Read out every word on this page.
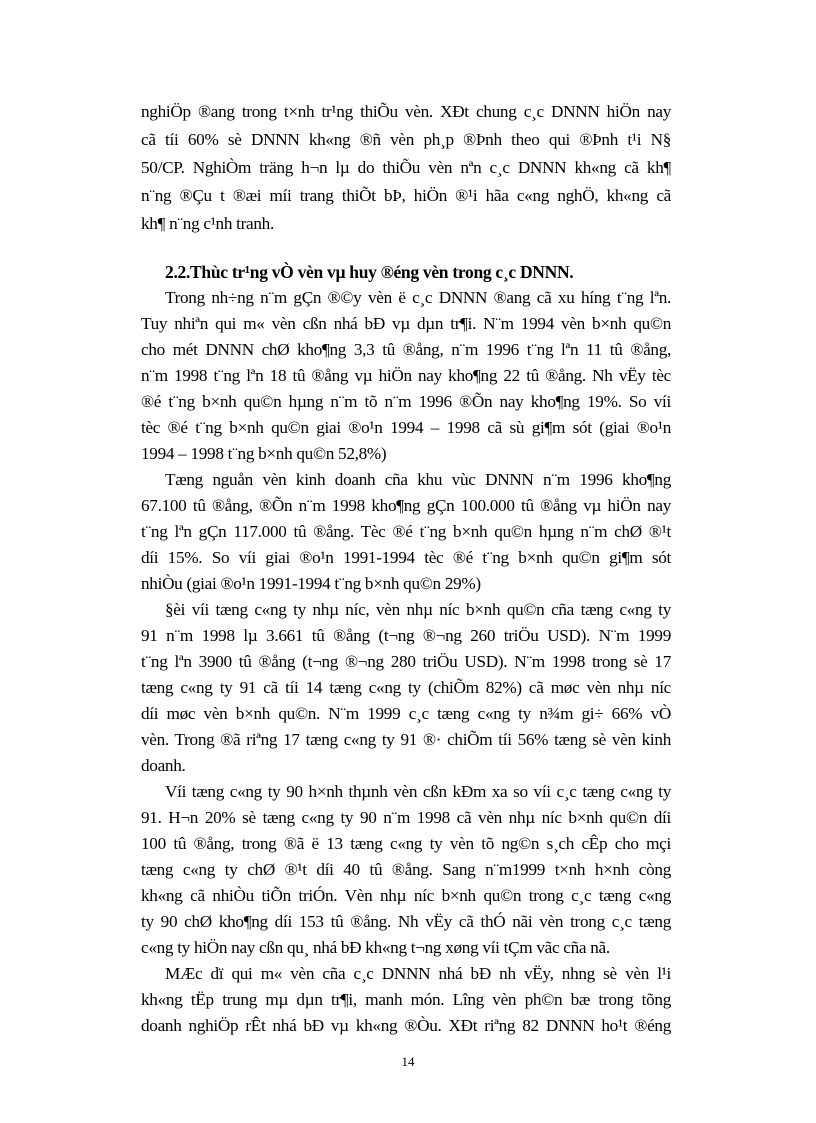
nghiÖp ®ang trong t×nh tr¹ng thiÕu vèn. XÐt chung c¸c DNNN hiÖn nay
cã tíi 60% sè DNNN kh«ng ®ñ vèn ph¸p ®Þnh theo qui ®Þnh t¹i N§
50/CP. NghiÒm träng h¬n lµ do thiÕu vèn nªn c¸c DNNN kh«ng cã kh¶
n¨ng ®Çu t ®æi míi trang thiÕt bÞ, hiÖn ®¹i hãa c«ng nghÖ, kh«ng cã
kh¶ n¨ng c¹nh tranh.
2.2.Thùc tr¹ng vÒ vèn vµ huy ®éng vèn trong c¸c DNNN.
Trong nh÷ng n¨m gÇn ®©y vèn ë c¸c DNNN ®ang cã xu híng t¨ng lªn.
Tuy nhiªn qui m« vèn cßn nhá bÐ vµ dµn tr¶i. N¨m 1994 vèn b×nh qu©n
cho mét DNNN chØ kho¶ng 3,3 tû ®ång, n¨m 1996 t¨ng lªn 11 tû ®ång,
n¨m 1998 t¨ng lªn 18 tû ®ång vµ hiÖn nay kho¶ng 22 tû ®ång. Nh vËy tèc
®é t¨ng b×nh qu©n hµng n¨m tõ n¨m 1996 ®Õn nay kho¶ng 19%. So víi
tèc ®é t¨ng b×nh qu©n giai ®o¹n 1994 – 1998 cã sù gi¶m sót (giai ®o¹n
1994 – 1998 t¨ng b×nh qu©n 52,8%)
Tæng nguån vèn kinh doanh cña khu vùc DNNN n¨m 1996 kho¶ng
67.100 tû ®ång, ®Õn n¨m 1998 kho¶ng gÇn 100.000 tû ®ång vµ hiÖn nay
t¨ng lªn gÇn 117.000 tû ®ång. Tèc ®é t¨ng b×nh qu©n hµng n¨m chØ ®¹t
díi 15%. So víi giai ®o¹n 1991-1994 tèc ®é t¨ng b×nh qu©n gi¶m sót
nhiÒu (giai ®o¹n 1991-1994 t¨ng b×nh qu©n 29%)
§èi víi tæng c«ng ty nhµ níc, vèn nhµ níc b×nh qu©n cña tæng c«ng ty
91 n¨m 1998 lµ 3.661 tû ®ång (t¬ng ®¬ng 260 triÖu USD). N¨m 1999
t¨ng lªn 3900 tû ®ång (t¬ng ®¬ng 280 triÖu USD). N¨m 1998 trong sè 17
tæng c«ng ty 91 cã tíi 14 tæng c«ng ty (chiÕm 82%) cã møc vèn nhµ níc
díi møc vèn b×nh qu©n. N¨m 1999 c¸c tæng c«ng ty n¾m gi÷ 66% vÒ
vèn. Trong ®ã riªng 17 tæng c«ng ty 91 ®· chiÕm tíi 56% tæng sè vèn kinh
doanh.
Víi tæng c«ng ty 90 h×nh thµnh vèn cßn kÐm xa so víi c¸c tæng c«ng ty
91. H¬n 20% sè tæng c«ng ty 90 n¨m 1998 cã vèn nhµ níc b×nh qu©n díi
100 tû ®ång, trong ®ã ë 13 tæng c«ng ty vèn tõ ng©n s¸ch cÊp cho mçi
tæng c«ng ty chØ ®¹t díi 40 tû ®ång. Sang n¨m1999 t×nh h×nh còng
kh«ng cã nhiÒu tiÕn triÓn. Vèn nhµ níc b×nh qu©n trong c¸c tæng c«ng
ty 90 chØ kho¶ng díi 153 tû ®ång. Nh vËy cã thÓ nãi vèn trong c¸c tæng
c«ng ty hiÖn nay cßn qu¸ nhá bÐ kh«ng t¬ng xøng víi tÇm vãc cña nã.
MÆc dï qui m« vèn cña c¸c DNNN nhá bÐ nh vËy, nhng sè vèn l¹i
kh«ng tËp trung mµ dµn tr¶i, manh món. Lîng vèn ph©n bæ trong tõng
doanh nghiÖp rÊt nhá bÐ vµ kh«ng ®Òu. XÐt riªng 82 DNNN ho¹t ®éng
14
